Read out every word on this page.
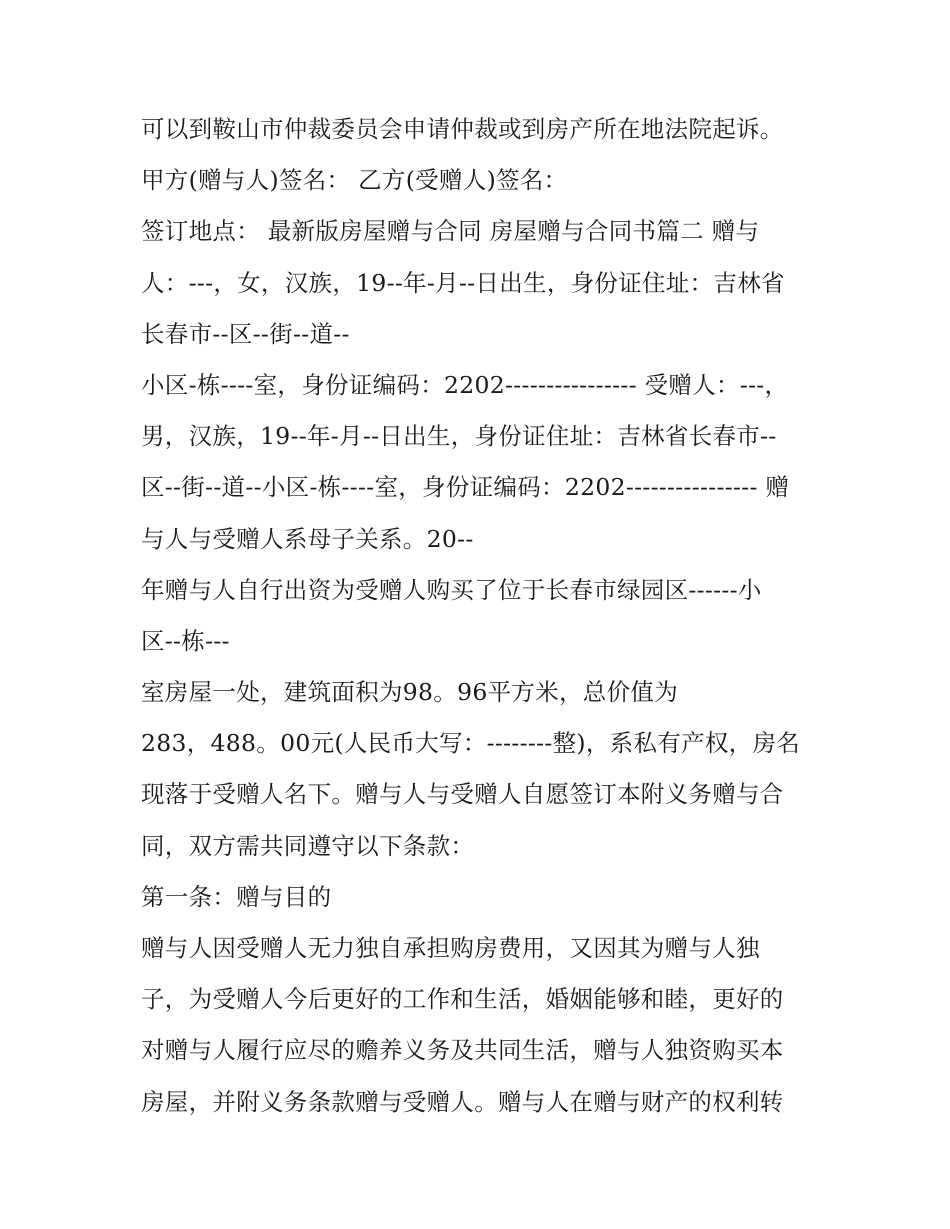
可以到鞍山市仲裁委员会申请仲裁或到房产所在地法院起诉。
甲方(赠与人)签名： 乙方(受赠人)签名：
签订地点： 最新版房屋赠与合同 房屋赠与合同书篇二 赠与
人：---，女，汉族，19--年-月--日出生，身份证住址：吉林省
长春市--区--街--道--
小区-栋----室，身份证编码：2202---------------- 受赠人：---，
男，汉族，19--年-月--日出生，身份证住址：吉林省长春市--
区--街--道--小区-栋----室，身份证编码：2202---------------- 赠
与人与受赠人系母子关系。20--
年赠与人自行出资为受赠人购买了位于长春市绿园区------小
区--栋---
室房屋一处，建筑面积为98。96平方米，总价值为
283，488。00元(人民币大写：--------整)，系私有产权，房名
现落于受赠人名下。赠与人与受赠人自愿签订本附义务赠与合
同，双方需共同遵守以下条款：
第一条：赠与目的
赠与人因受赠人无力独自承担购房费用，又因其为赠与人独
子，为受赠人今后更好的工作和生活，婚姻能够和睦，更好的
对赠与人履行应尽的赡养义务及共同生活，赠与人独资购买本
房屋，并附义务条款赠与受赠人。赠与人在赠与财产的权利转
